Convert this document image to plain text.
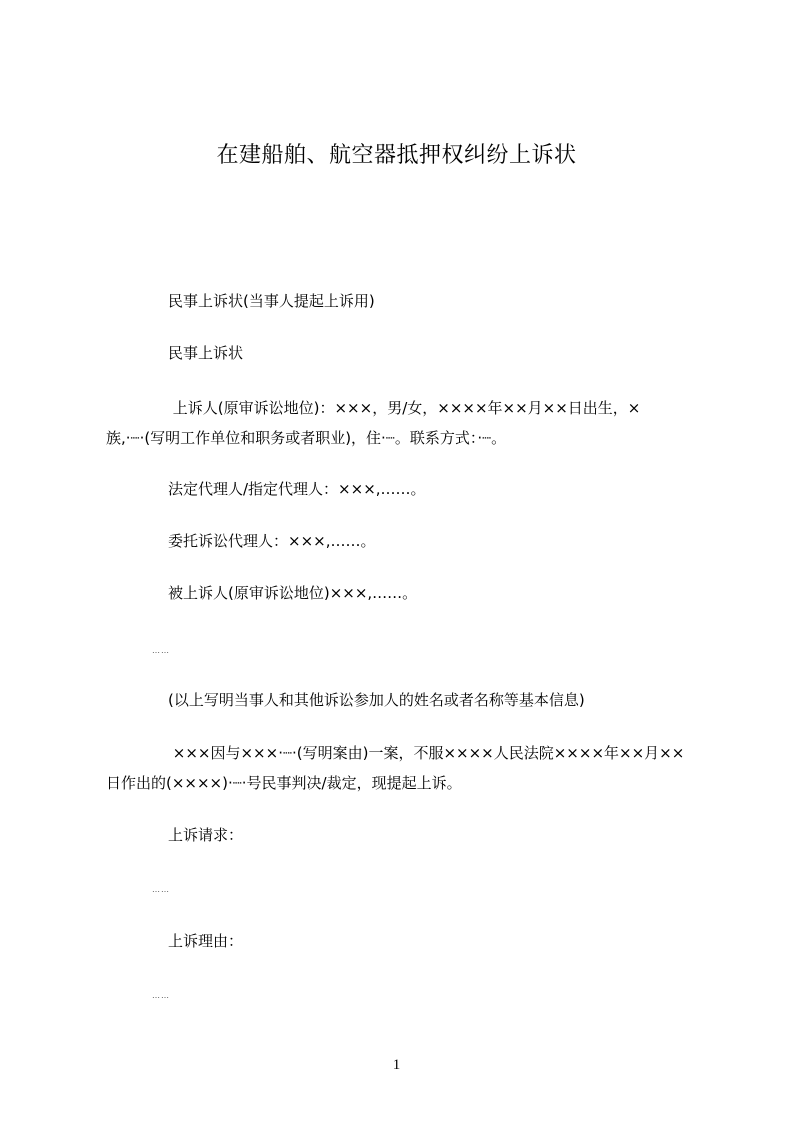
在建船舶、航空器抵押权纠纷上诉状
民事上诉状(当事人提起上诉用)
民事上诉状
上诉人(原审诉讼地位)：×××，男/女，××××年××月××日出生，×族,·┈·(写明工作单位和职务或者职业)，住·┈。联系方式：·┈。
法定代理人/指定代理人：×××,……。
委托诉讼代理人：×××,……。
被上诉人(原审诉讼地位)×××,……。
……
(以上写明当事人和其他诉讼参加人的姓名或者名称等基本信息)
×××因与×××·┈·(写明案由)一案，不服××××人民法院××××年××月××日作出的(××××)·┈·号民事判决/裁定，现提起上诉。
上诉请求：
……
上诉理由：
……
1
